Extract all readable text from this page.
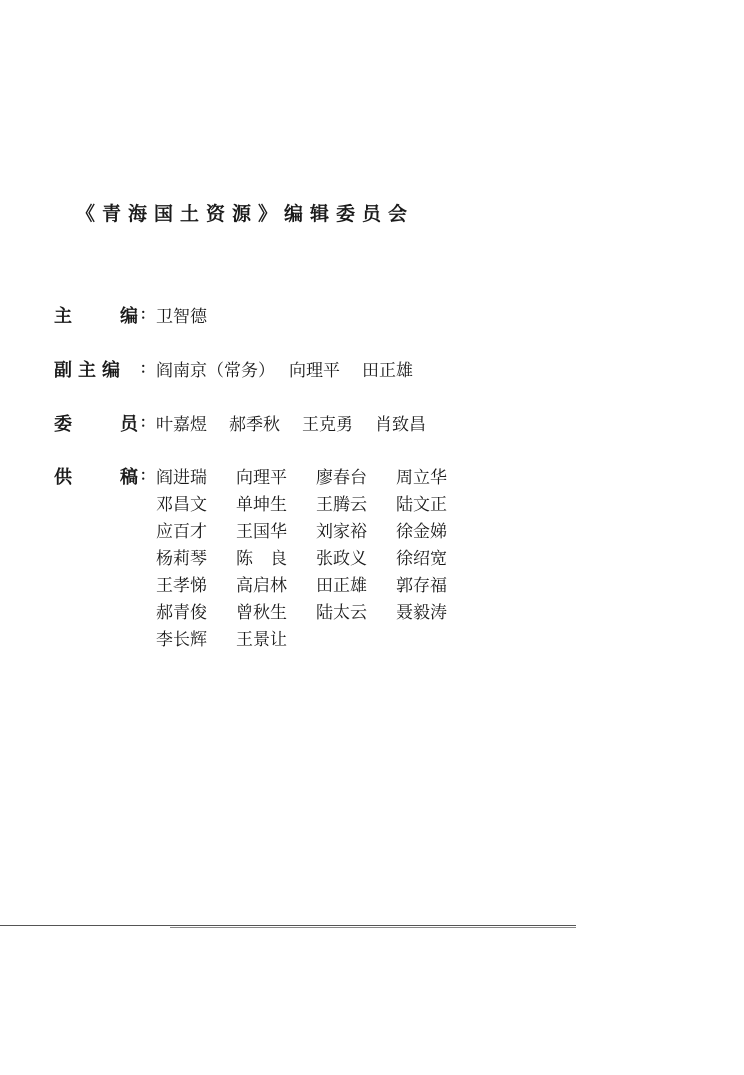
《青海国土资源》编辑委员会
主	编 ： 卫智德
副主编	： 阎南京（常务） 向理平 田正雄
委	员 ： 叶嘉煜 郝季秋 王克勇 肖致昌
供	稿 ： 阎进瑞	向理平	廖春台	周立华
邓昌文	单坤生	王腾云	陆文正
应百才	王国华	刘家裕	徐金娣
杨莉琴	陈　良	张政义	徐绍宽
王孝悌	高启林	田正雄	郭存福
郝青俊	曾秋生	陆太云	聂毅涛
李长辉	王景让
